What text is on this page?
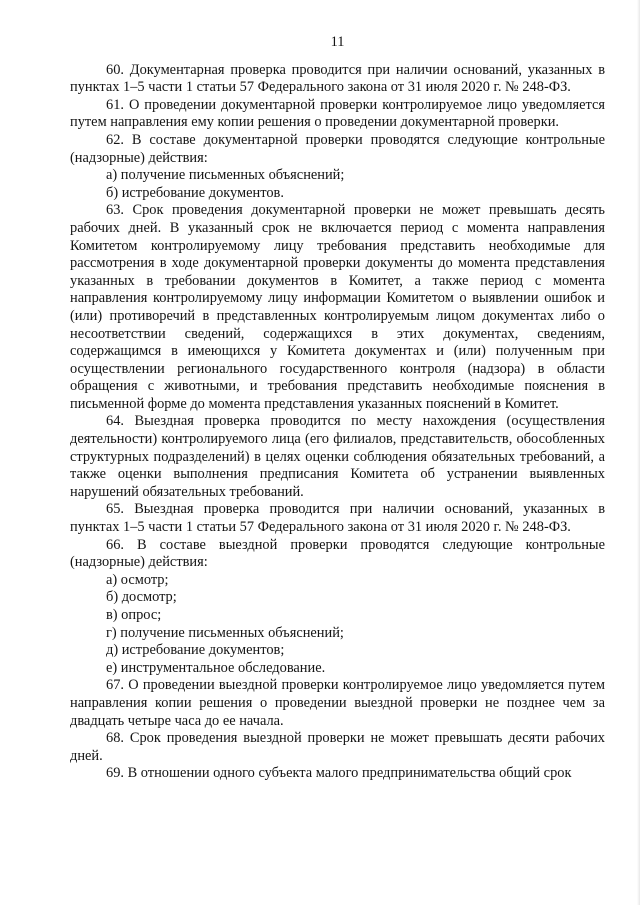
11

60. Документарная проверка проводится при наличии оснований, указанных в пунктах 1–5 части 1 статьи 57 Федерального закона от 31 июля 2020 г. № 248-ФЗ.

61. О проведении документарной проверки контролируемое лицо уведомляется путем направления ему копии решения о проведении документарной проверки.

62. В составе документарной проверки проводятся следующие контрольные (надзорные) действия:

а) получение письменных объяснений;

б) истребование документов.

63. Срок проведения документарной проверки не может превышать десять рабочих дней. В указанный срок не включается период с момента направления Комитетом контролируемому лицу требования представить необходимые для рассмотрения в ходе документарной проверки документы до момента представления указанных в требовании документов в Комитет, а также период с момента направления контролируемому лицу информации Комитетом о выявлении ошибок и (или) противоречий в представленных контролируемым лицом документах либо о несоответствии сведений, содержащихся в этих документах, сведениям, содержащимся в имеющихся у Комитета документах и (или) полученным при осуществлении регионального государственного контроля (надзора) в области обращения с животными, и требования представить необходимые пояснения в письменной форме до момента представления указанных пояснений в Комитет.

64. Выездная проверка проводится по месту нахождения (осуществления деятельности) контролируемого лица (его филиалов, представительств, обособленных структурных подразделений) в целях оценки соблюдения обязательных требований, а также оценки выполнения предписания Комитета об устранении выявленных нарушений обязательных требований.

65. Выездная проверка проводится при наличии оснований, указанных в пунктах 1–5 части 1 статьи 57 Федерального закона от 31 июля 2020 г. № 248-ФЗ.

66. В составе выездной проверки проводятся следующие контрольные (надзорные) действия:

а) осмотр;

б) досмотр;

в) опрос;

г) получение письменных объяснений;

д) истребование документов;

е) инструментальное обследование.

67. О проведении выездной проверки контролируемое лицо уведомляется путем направления копии решения о проведении выездной проверки не позднее чем за двадцать четыре часа до ее начала.

68. Срок проведения выездной проверки не может превышать десяти рабочих дней.

69. В отношении одного субъекта малого предпринимательства общий срок
